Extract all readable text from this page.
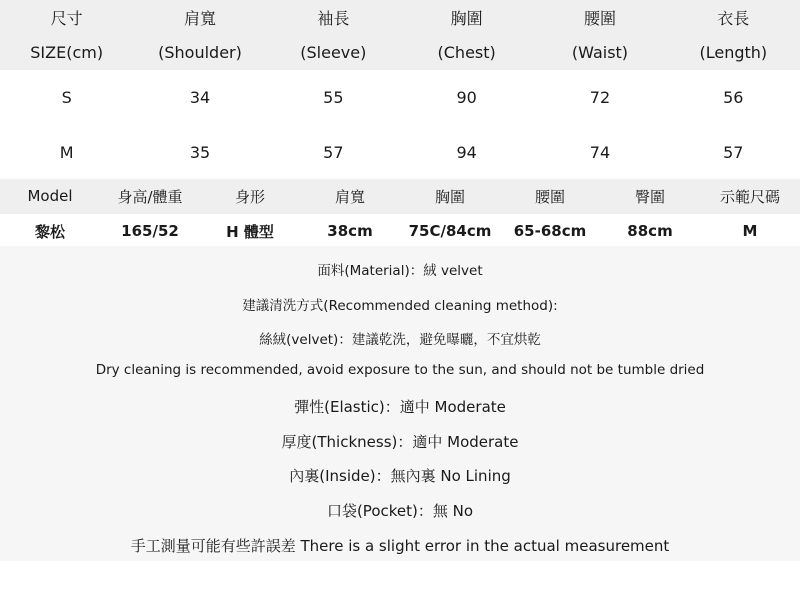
尺寸	肩寬	袖長	胸圍	腰圍	衣長
SIZE(cm)	(Shoulder)	(Sleeve)	(Chest)	(Waist)	(Length)
S	34	55	90	72	56
M	35	57	94	74	57
Model	身高/體重	身形	肩寬	胸圍	腰圍	臀圍	示範尺碼
黎松	165/52	H 體型	38cm	75C/84cm	65-68cm	88cm	M
面料(Material)：絨 velvet
建議清洗方式(Recommended cleaning method):
絲絨(velvet)：建議乾洗，避免曝曬，不宜烘乾
Dry cleaning is recommended, avoid exposure to the sun, and should not be tumble dried
彈性(Elastic)：適中 Moderate
厚度(Thickness)：適中 Moderate
內裏(Inside)：無內裏 No Lining
口袋(Pocket)：無 No
手工測量可能有些許誤差 There is a slight error in the actual measurement
